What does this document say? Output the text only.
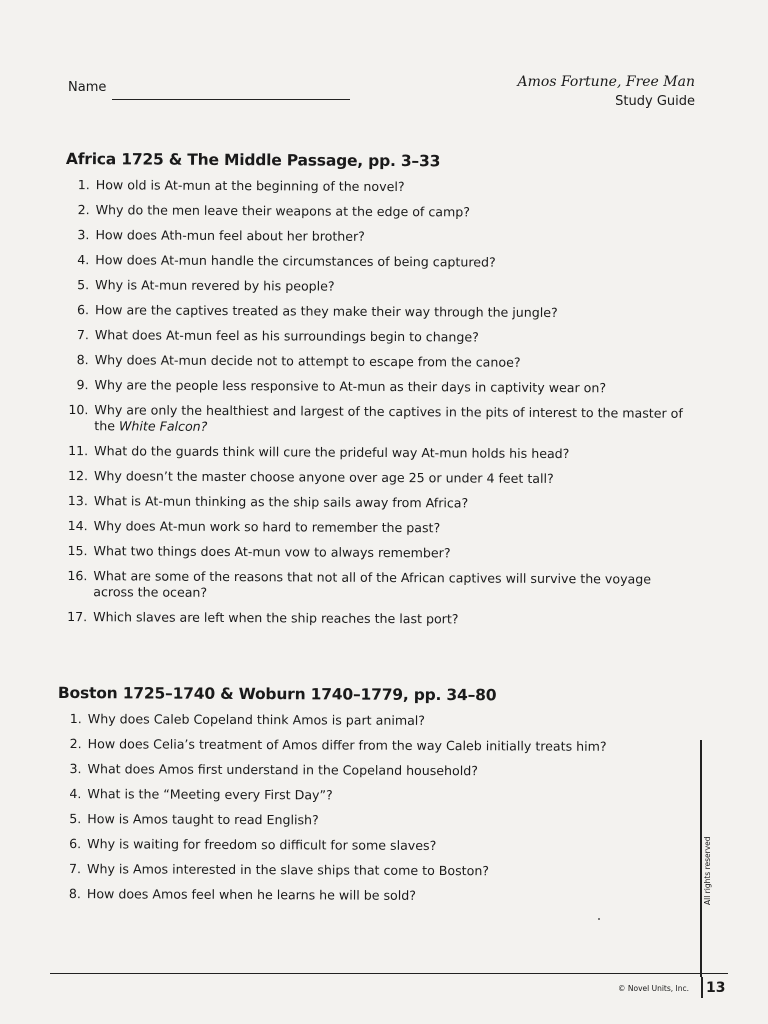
Name	Amos Fortune, Free Man
Study Guide
Africa 1725 & The Middle Passage, pp. 3–33
1. How old is At-mun at the beginning of the novel?
2. Why do the men leave their weapons at the edge of camp?
3. How does Ath-mun feel about her brother?
4. How does At-mun handle the circumstances of being captured?
5. Why is At-mun revered by his people?
6. How are the captives treated as they make their way through the jungle?
7. What does At-mun feel as his surroundings begin to change?
8. Why does At-mun decide not to attempt to escape from the canoe?
9. Why are the people less responsive to At-mun as their days in captivity wear on?
10. Why are only the healthiest and largest of the captives in the pits of interest to the master of the White Falcon?
11. What do the guards think will cure the prideful way At-mun holds his head?
12. Why doesn’t the master choose anyone over age 25 or under 4 feet tall?
13. What is At-mun thinking as the ship sails away from Africa?
14. Why does At-mun work so hard to remember the past?
15. What two things does At-mun vow to always remember?
16. What are some of the reasons that not all of the African captives will survive the voyage across the ocean?
17. Which slaves are left when the ship reaches the last port?
Boston 1725–1740 & Woburn 1740–1779, pp. 34–80
1. Why does Caleb Copeland think Amos is part animal?
2. How does Celia’s treatment of Amos differ from the way Caleb initially treats him?
3. What does Amos first understand in the Copeland household?
4. What is the “Meeting every First Day”?
5. How is Amos taught to read English?
6. Why is waiting for freedom so difficult for some slaves?
7. Why is Amos interested in the slave ships that come to Boston?
8. How does Amos feel when he learns he will be sold?	All rights reserved
© Novel Units, Inc. 13
